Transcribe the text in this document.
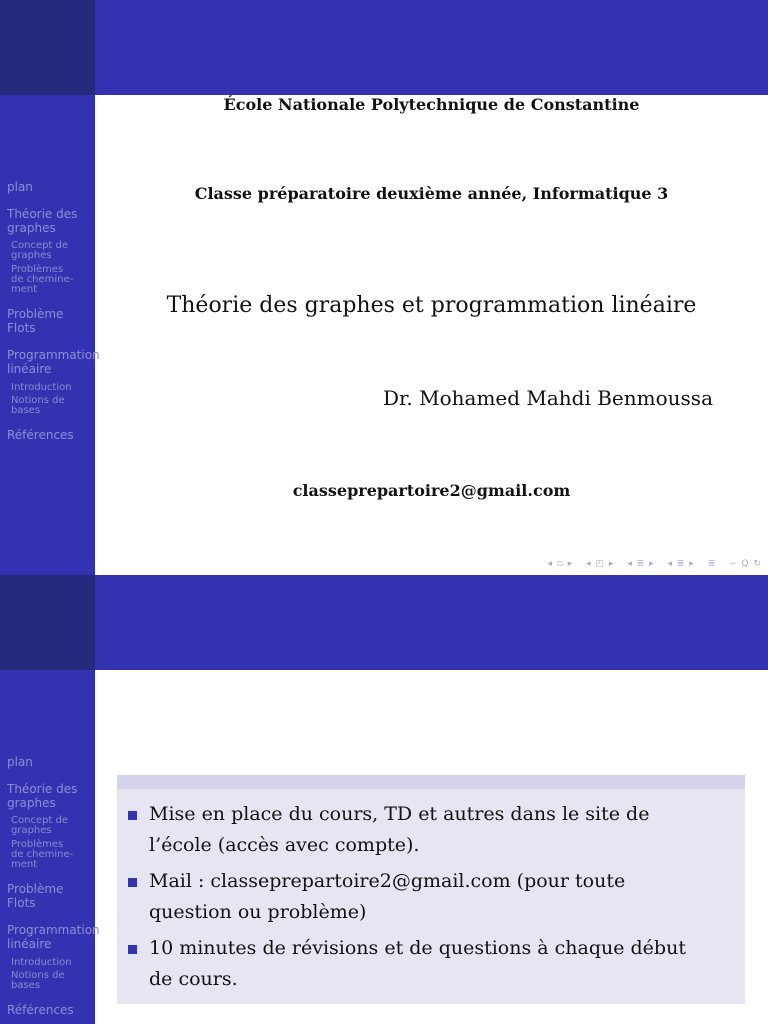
plan
Théorie des
graphes
Concept de
graphes
Problèmes
de chemine-
ment
Problème
Flots
Programmation
linéaire
Introduction
Notions de
bases
Références
École Nationale Polytechnique de Constantine
Classe préparatoire deuxième année, Informatique 3
Théorie des graphes et programmation linéaire
Dr. Mohamed Mahdi Benmoussa
classeprepartoire2@gmail.com
◂ ▫ ▸ ◂ ◰ ▸ ◂ ≣ ▸ ◂ ≣ ▸ ≣ ∽ Q ↻
plan
Théorie des
graphes
Concept de
graphes
Problèmes
de chemine-
ment
Problème
Flots
Programmation
linéaire
Introduction
Notions de
bases
Références
Mise en place du cours, TD et autres dans le site de
l’école (accès avec compte).
Mail : classeprepartoire2@gmail.com (pour toute
question ou problème)
10 minutes de révisions et de questions à chaque début
de cours.
